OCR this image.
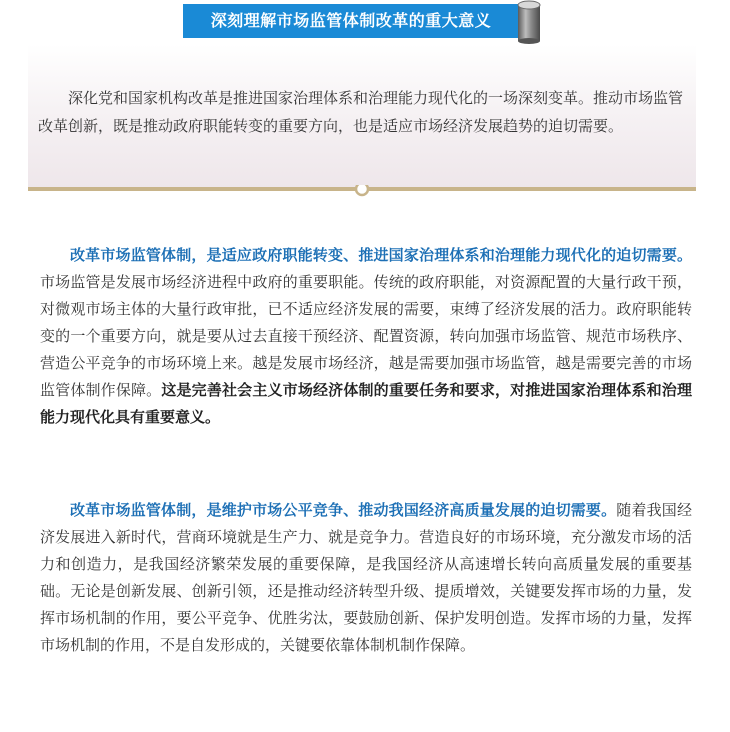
深刻理解市场监管体制改革的重大意义

深化党和国家机构改革是推进国家治理体系和治理能力现代化的一场深刻变革。推动市场监管改革创新，既是推动政府职能转变的重要方向，也是适应市场经济发展趋势的迫切需要。

改革市场监管体制，是适应政府职能转变、推进国家治理体系和治理能力现代化的迫切需要。市场监管是发展市场经济进程中政府的重要职能。传统的政府职能，对资源配置的大量行政干预，对微观市场主体的大量行政审批，已不适应经济发展的需要，束缚了经济发展的活力。政府职能转变的一个重要方向，就是要从过去直接干预经济、配置资源，转向加强市场监管、规范市场秩序、营造公平竞争的市场环境上来。越是发展市场经济，越是需要加强市场监管，越是需要完善的市场监管体制作保障。这是完善社会主义市场经济体制的重要任务和要求，对推进国家治理体系和治理能力现代化具有重要意义。

改革市场监管体制，是维护市场公平竞争、推动我国经济高质量发展的迫切需要。随着我国经济发展进入新时代，营商环境就是生产力、就是竞争力。营造良好的市场环境，充分激发市场的活力和创造力，是我国经济繁荣发展的重要保障，是我国经济从高速增长转向高质量发展的重要基础。无论是创新发展、创新引领，还是推动经济转型升级、提质增效，关键要发挥市场的力量，发挥市场机制的作用，要公平竞争、优胜劣汰，要鼓励创新、保护发明创造。发挥市场的力量，发挥市场机制的作用，不是自发形成的，关键要依靠体制机制作保障。
